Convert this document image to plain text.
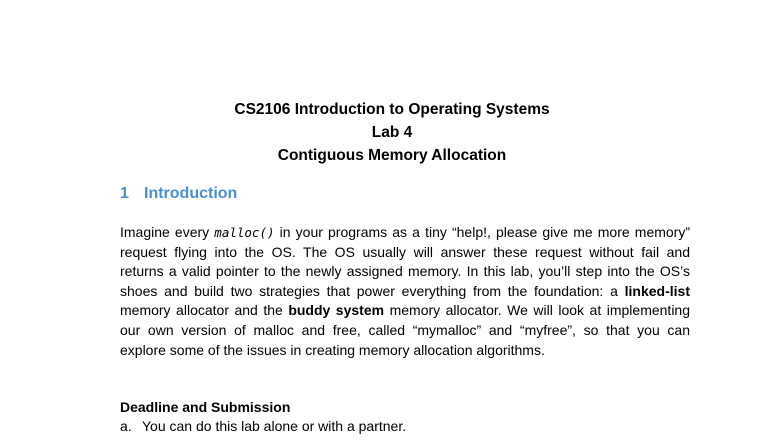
CS2106 Introduction to Operating Systems
Lab 4
Contiguous Memory Allocation
1 Introduction
Imagine every malloc() in your programs as a tiny “help!, please give me more memory”
request flying into the OS. The OS usually will answer these request without fail and
returns a valid pointer to the newly assigned memory. In this lab, you’ll step into the OS’s
shoes and build two strategies that power everything from the foundation: a linked-list
memory allocator and the buddy system memory allocator. We will look at implementing
our own version of malloc and free, called “mymalloc” and “myfree”, so that you can
explore some of the issues in creating memory allocation algorithms.
Deadline and Submission
a. You can do this lab alone or with a partner.
